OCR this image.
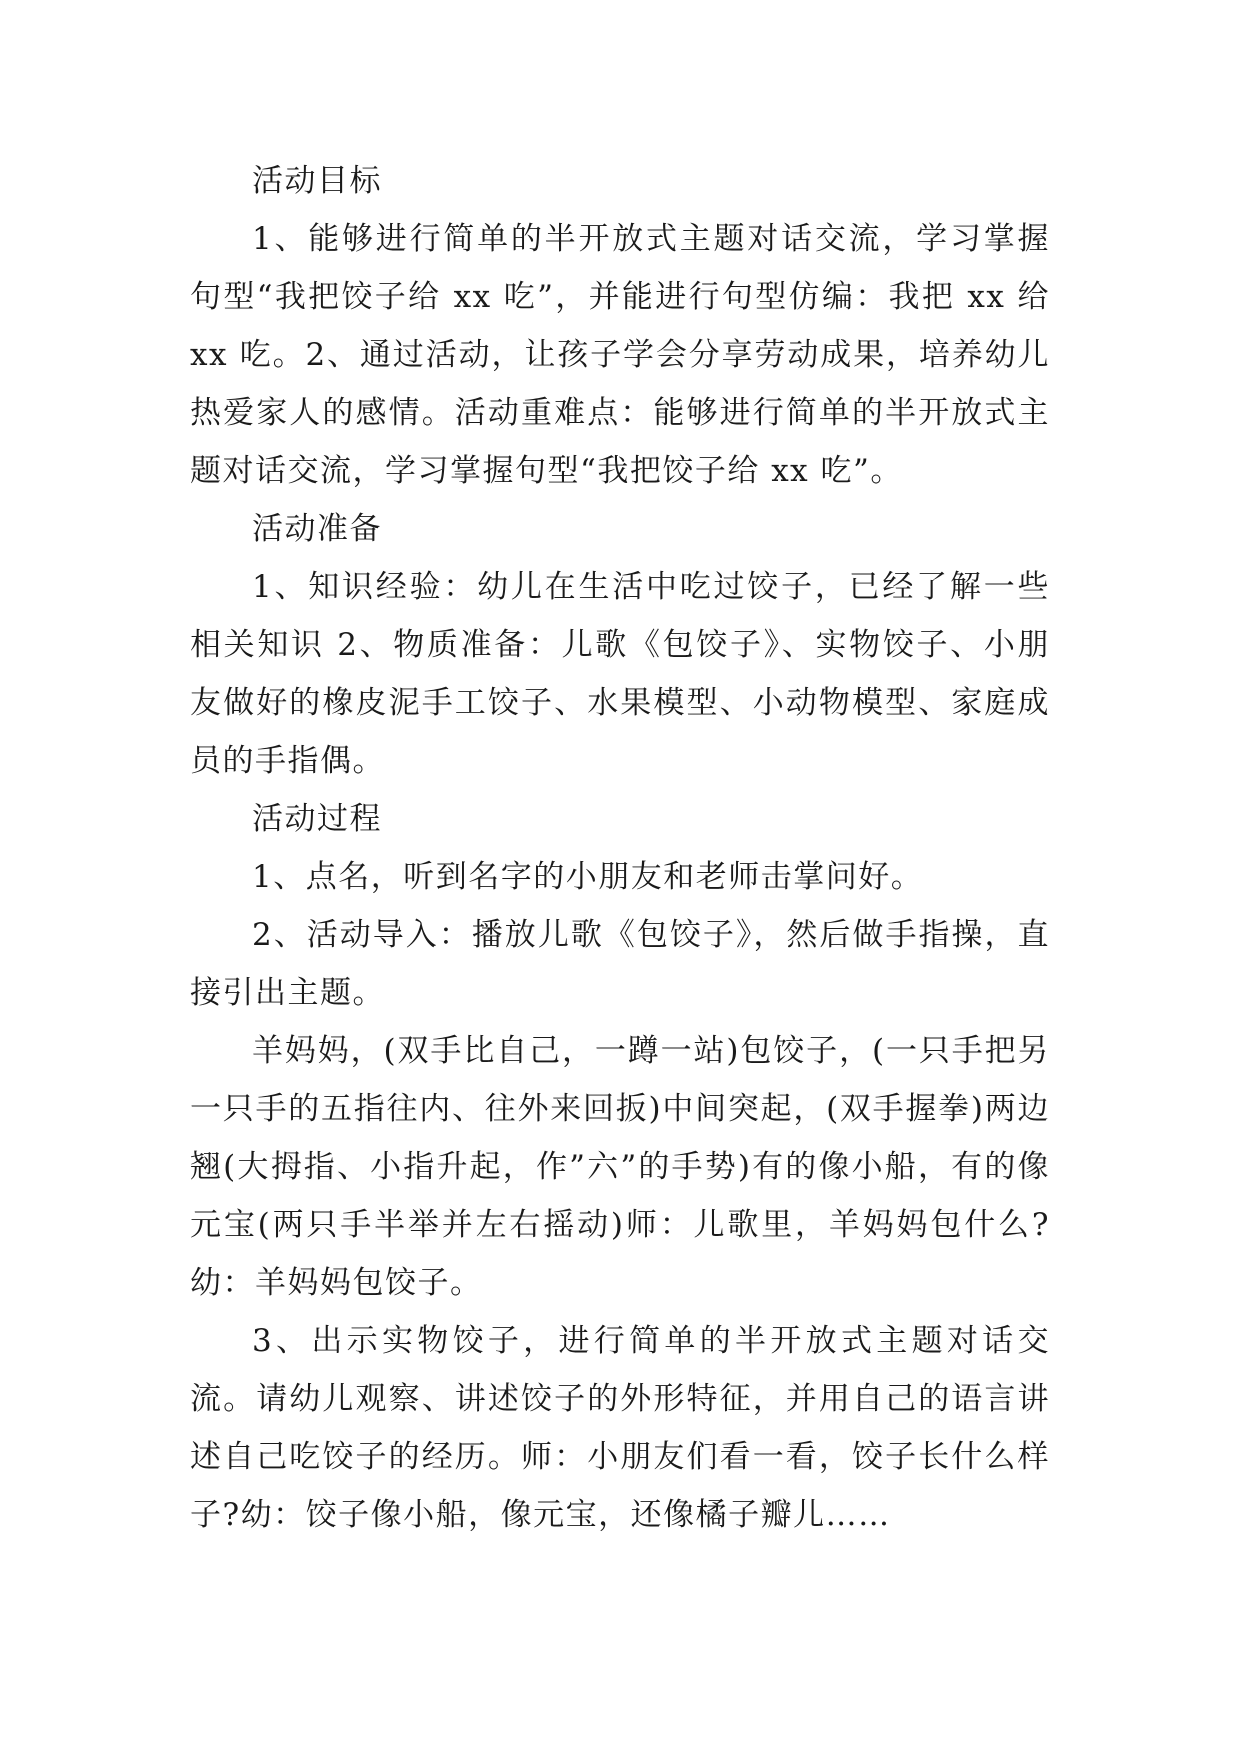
活动目标

1、能够进行简单的半开放式主题对话交流，学习掌握句型“我把饺子给 xx 吃”，并能进行句型仿编：我把 xx 给 xx 吃。2、通过活动，让孩子学会分享劳动成果，培养幼儿热爱家人的感情。活动重难点：能够进行简单的半开放式主题对话交流，学习掌握句型“我把饺子给 xx 吃”。

活动准备

1、知识经验：幼儿在生活中吃过饺子，已经了解一些相关知识 2、物质准备：儿歌《包饺子》、实物饺子、小朋友做好的橡皮泥手工饺子、水果模型、小动物模型、家庭成员的手指偶。

活动过程

1、点名，听到名字的小朋友和老师击掌问好。

2、活动导入：播放儿歌《包饺子》，然后做手指操，直接引出主题。

羊妈妈，(双手比自己，一蹲一站)包饺子，(一只手把另一只手的五指往内、往外来回扳)中间突起，(双手握拳)两边翘(大拇指、小指升起，作”六”的手势)有的像小船，有的像元宝(两只手半举并左右摇动)师：儿歌里，羊妈妈包什么?幼：羊妈妈包饺子。

3、出示实物饺子，进行简单的半开放式主题对话交流。请幼儿观察、讲述饺子的外形特征，并用自己的语言讲述自己吃饺子的经历。师：小朋友们看一看，饺子长什么样子?幼：饺子像小船，像元宝，还像橘子瓣儿……
